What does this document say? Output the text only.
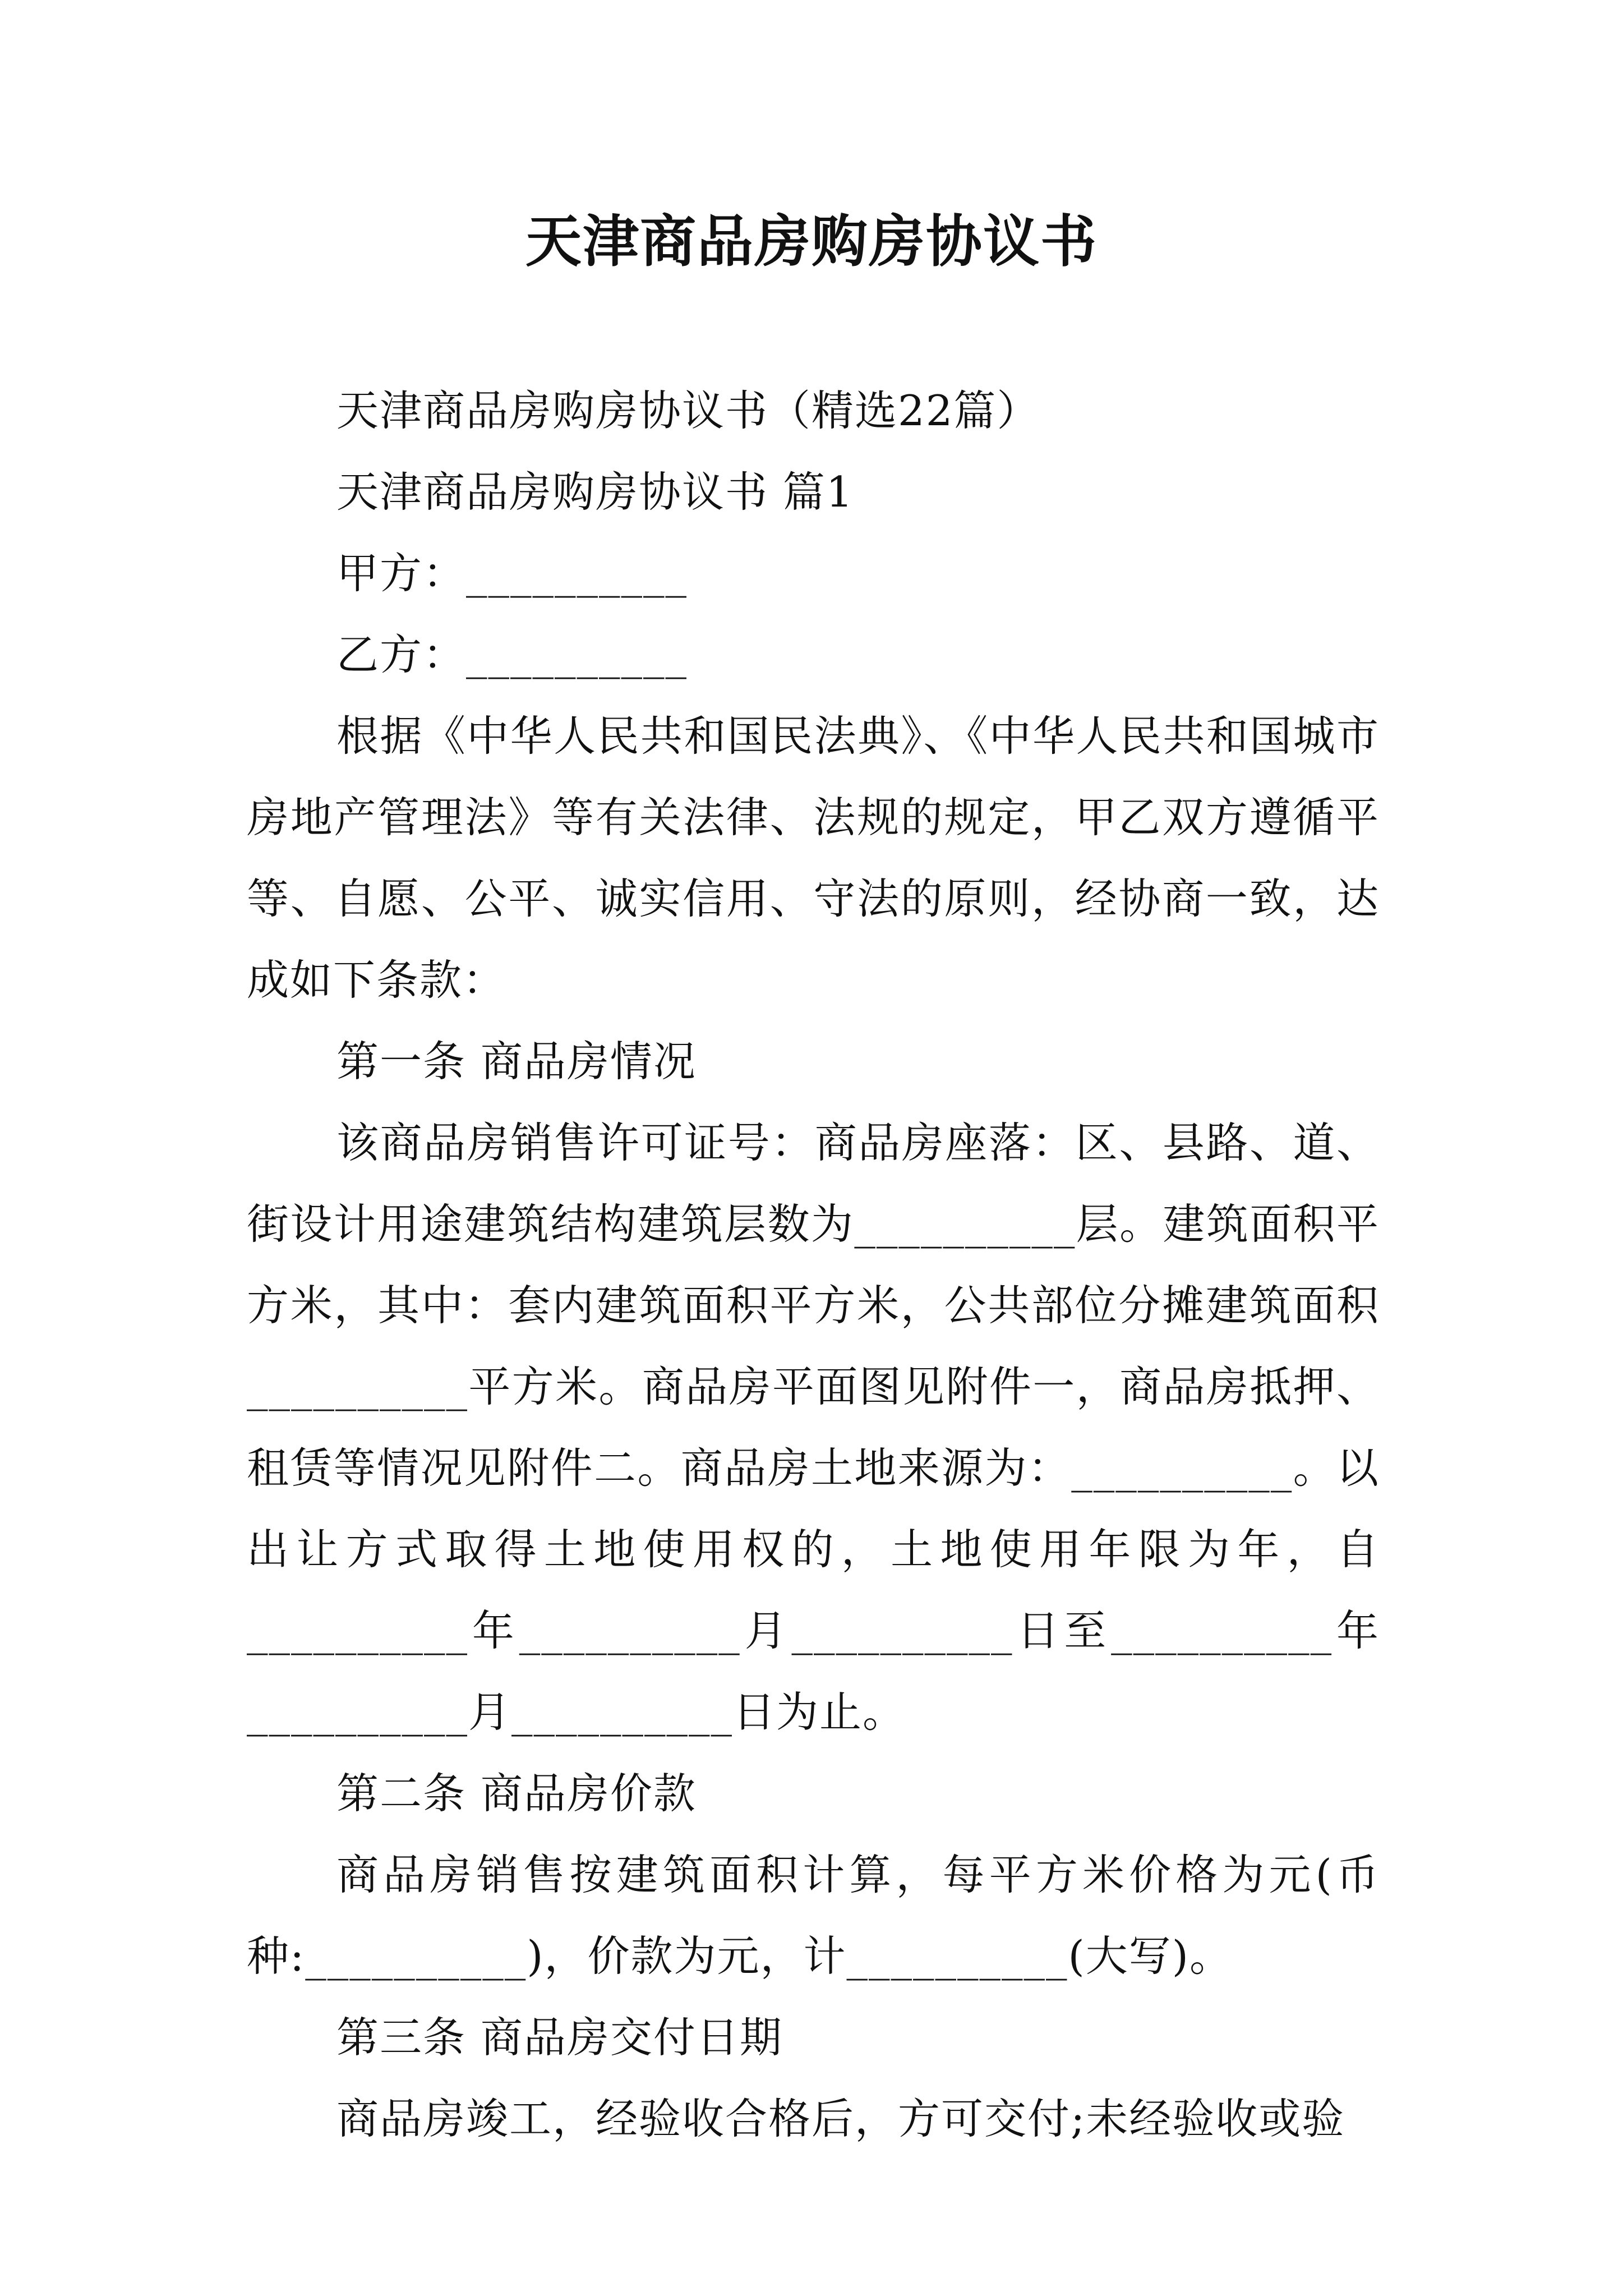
天津商品房购房协议书

天津商品房购房协议书（精选22篇）

天津商品房购房协议书 篇1

甲方：__________

乙方：__________

根据《中华人民共和国民法典》、《中华人民共和国城市房地产管理法》等有关法律、法规的规定，甲乙双方遵循平等、自愿、公平、诚实信用、守法的原则，经协商一致，达成如下条款：

第一条 商品房情况

该商品房销售许可证号：商品房座落：区、县路、道、街设计用途建筑结构建筑层数为__________层。建筑面积平方米，其中：套内建筑面积平方米，公共部位分摊建筑面积__________平方米。商品房平面图见附件一，商品房抵押、租赁等情况见附件二。商品房土地来源为：__________。以出让方式取得土地使用权的，土地使用年限为年，自__________年__________月__________日至__________年__________月__________日为止。

第二条 商品房价款

商品房销售按建筑面积计算，每平方米价格为元(币种:__________)，价款为元，计__________(大写)。

第三条 商品房交付日期

商品房竣工，经验收合格后，方可交付;未经验收或验
